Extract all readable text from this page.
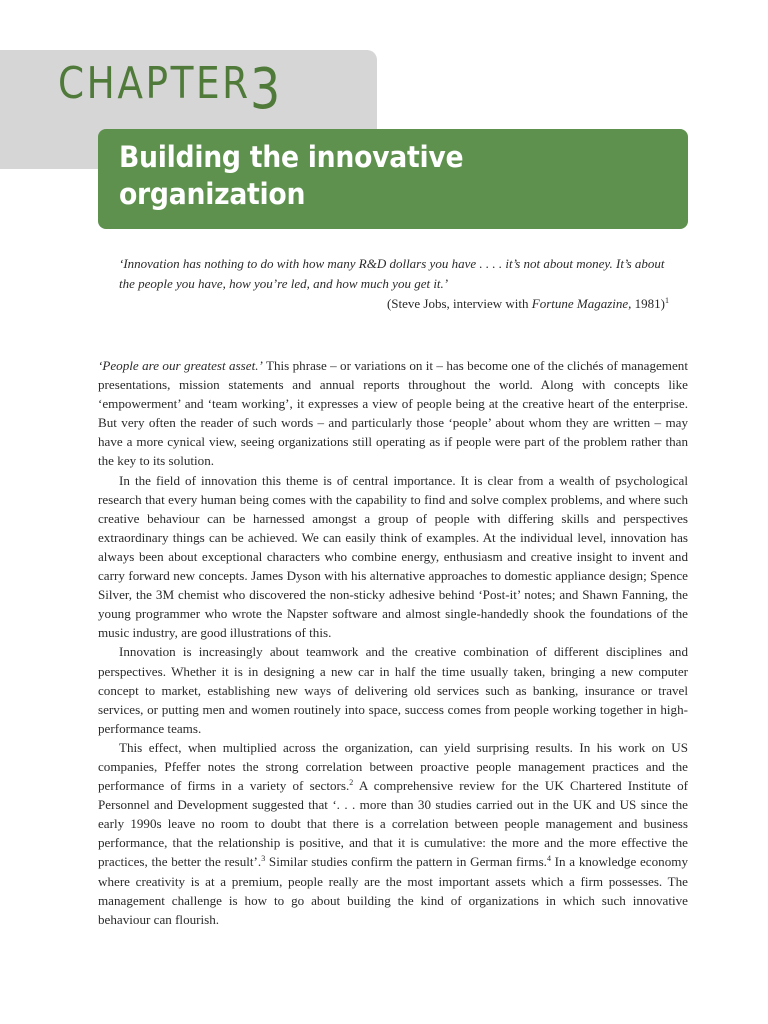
CHAPTER 3
Building the innovative
organization
‘Innovation has nothing to do with how many R&D dollars you have . . . . it’s not about money. It’s about
the people you have, how you’re led, and how much you get it.’
(Steve Jobs, interview with Fortune Magazine, 1981)$^1$

‘People are our greatest asset.’ This phrase – or variations on it – has become one of the clichés of management presentations, mission statements and annual reports throughout the world. Along with concepts like ‘empowerment’ and ‘team working’, it expresses a view of people being at the creative heart of the enterprise. But very often the reader of such words – and particularly those ‘people’ about whom they are written – may have a more cynical view, seeing organizations still operating as if people were part of the problem rather than the key to its solution.

In the field of innovation this theme is of central importance. It is clear from a wealth of psychological research that every human being comes with the capability to find and solve complex problems, and where such creative behaviour can be harnessed amongst a group of people with differing skills and perspectives extraordinary things can be achieved. We can easily think of examples. At the individual level, innovation has always been about exceptional characters who combine energy, enthusiasm and creative insight to invent and carry forward new concepts. James Dyson with his alternative approaches to domestic appliance design; Spence Silver, the 3M chemist who discovered the non-sticky adhesive behind ‘Post-it’ notes; and Shawn Fanning, the young programmer who wrote the Napster software and almost single-handedly shook the foundations of the music industry, are good illustrations of this.

Innovation is increasingly about teamwork and the creative combination of different disciplines and perspectives. Whether it is in designing a new car in half the time usually taken, bringing a new computer concept to market, establishing new ways of delivering old services such as banking, insurance or travel services, or putting men and women routinely into space, success comes from people working together in high-performance teams.

This effect, when multiplied across the organization, can yield surprising results. In his work on US companies, Pfeffer notes the strong correlation between proactive people management practices and the performance of firms in a variety of sectors.$^2$ A comprehensive review for the UK Chartered Institute of Personnel and Development suggested that ‘. . . more than 30 studies carried out in the UK and US since the early 1990s leave no room to doubt that there is a correlation between people management and business performance, that the relationship is positive, and that it is cumulative: the more and the more effective the practices, the better the result’.$^3$ Similar studies confirm the pattern in German firms.$^4$ In a knowledge economy where creativity is at a premium, people really are the most important assets which a firm possesses. The management challenge is how to go about building the kind of organizations in which such innovative behaviour can flourish.
